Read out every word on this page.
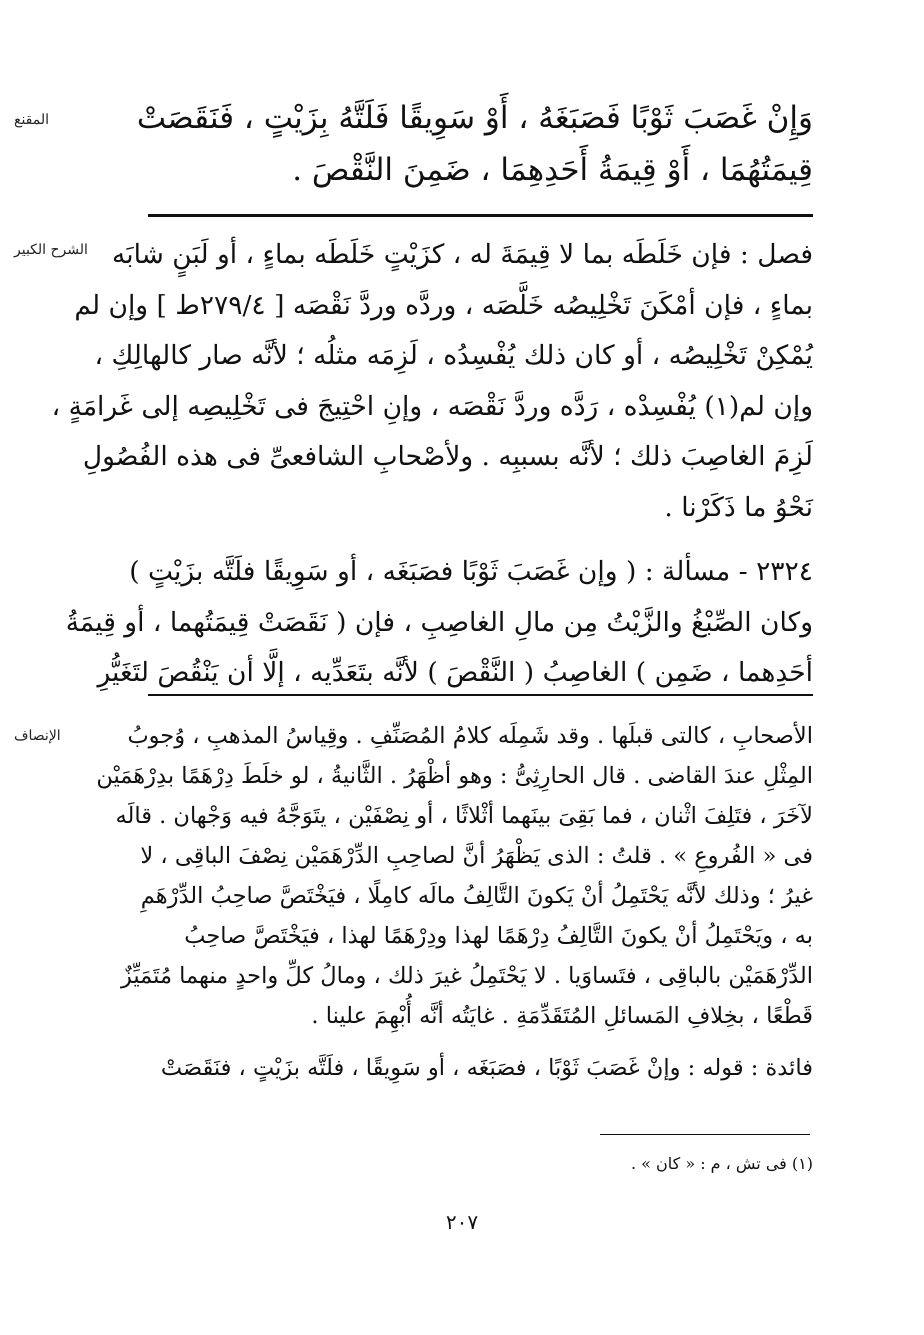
المقنع	وَإِنْ غَصَبَ ثَوْبًا فَصَبَغَهُ ، أَوْ سَوِيقًا فَلَتَّهُ بِزَيْتٍ ، فَنَقَصَتْ
قِيمَتُهُمَا ، أَوْ قِيمَةُ أَحَدِهِمَا ، ضَمِنَ النَّقْصَ .
الشرح الكبير فصل : فإن خَلَطَه بما لا قِيمَةَ له ، كزَيْتٍ خَلَطَه بماءٍ ، أو لَبَنٍ شابَه
بماءٍ ، فإن أمْكَنَ تَخْلِيصُه خَلَّصَه ، وردَّه وردَّ نَقْصَه [ ٢٧٩/٤ط ] وإن لم
يُمْكِنْ تَخْلِيصُه ، أو كان ذلك يُفْسِدُه ، لَزِمَه مثلُه ؛ لأنَّه صار كالهالِكِ ،
وإن لم(١) يُفْسِدْه ، رَدَّه وردَّ نَقْصَه ، وإنِ احْتِيجَ فى تَخْلِيصِه إلى غَرامَةٍ ،
لَزِمَ الغاصِبَ ذلك ؛ لأنَّه بسببِه . ولأصْحابِ الشافعىِّ فى هذه الفُصُولِ
نَحْوُ ما ذَكَرْنا .
٢٣٢٤ - مسألة : ( وإن غَصَبَ ثَوْبًا فصَبَغَه ، أو سَوِيقًا فلَتَّه بزَيْتٍ )
وكان الصِّبْغُ والزَّيْتُ مِن مالِ الغاصِبِ ، فإن ( نَقَصَتْ قِيمَتُهما ، أو قِيمَةُ
أحَدِهما ، ضَمِن ) الغاصِبُ ( النَّقْصَ ) لأنَّه بتَعَدِّيه ، إلَّا أن يَنْقُصَ لتَغَيُّرِ
الإنصاف	الأصحابِ ، كالتى قبلَها . وقد شَمِلَه كلامُ المُصَنِّفِ . وقِياسُ المذهبِ ، وُجوبُ
المِثْلِ عندَ القاضى . قال الحارِثِىُّ : وهو أظْهَرُ . الثَّانيةُ ، لو خلَطَ دِرْهَمًا بدِرْهَمَيْن
لآخَرَ ، فتَلِفَ اثْنان ، فما بَقِىَ بينَهما أثْلاثًا ، أو نِصْفَيْن ، يتَوَجَّهُ فيه وَجْهان . قالَه
فى « الفُروعِ » . قلتُ : الذى يَظْهَرُ أنَّ لصاحِبِ الدِّرْهَمَيْن نِصْفَ الباقِى ، لا
غيرُ ؛ وذلك لأنَّه يَحْتَمِلُ أنْ يَكونَ التَّالِفُ مالَه كامِلًا ، فيَخْتَصَّ صاحِبُ الدِّرْهَمِ
به ، ويَحْتَمِلُ أنْ يكونَ التَّالِفُ دِرْهَمًا لهذا ودِرْهَمًا لهذا ، فيَخْتَصَّ صاحِبُ
الدِّرْهَمَيْن بالباقِى ، فتَساوَيا . لا يَحْتَمِلُ غيرَ ذلك ، ومالُ كلِّ واحدٍ منهما مُتَمَيِّزٌ
قَطْعًا ، بخِلافِ المَسائلِ المُتَقَدِّمَةِ . غايَتُه أنَّه أُبْهِمَ علينا .
فائدة : قوله : وإنْ غَصَبَ ثَوْبًا ، فصَبَغَه ، أو سَوِيقًا ، فلَتَّه بزَيْتٍ ، فنَقَصَتْ
(١) فى تش ، م : « كان » .
٢٠٧
